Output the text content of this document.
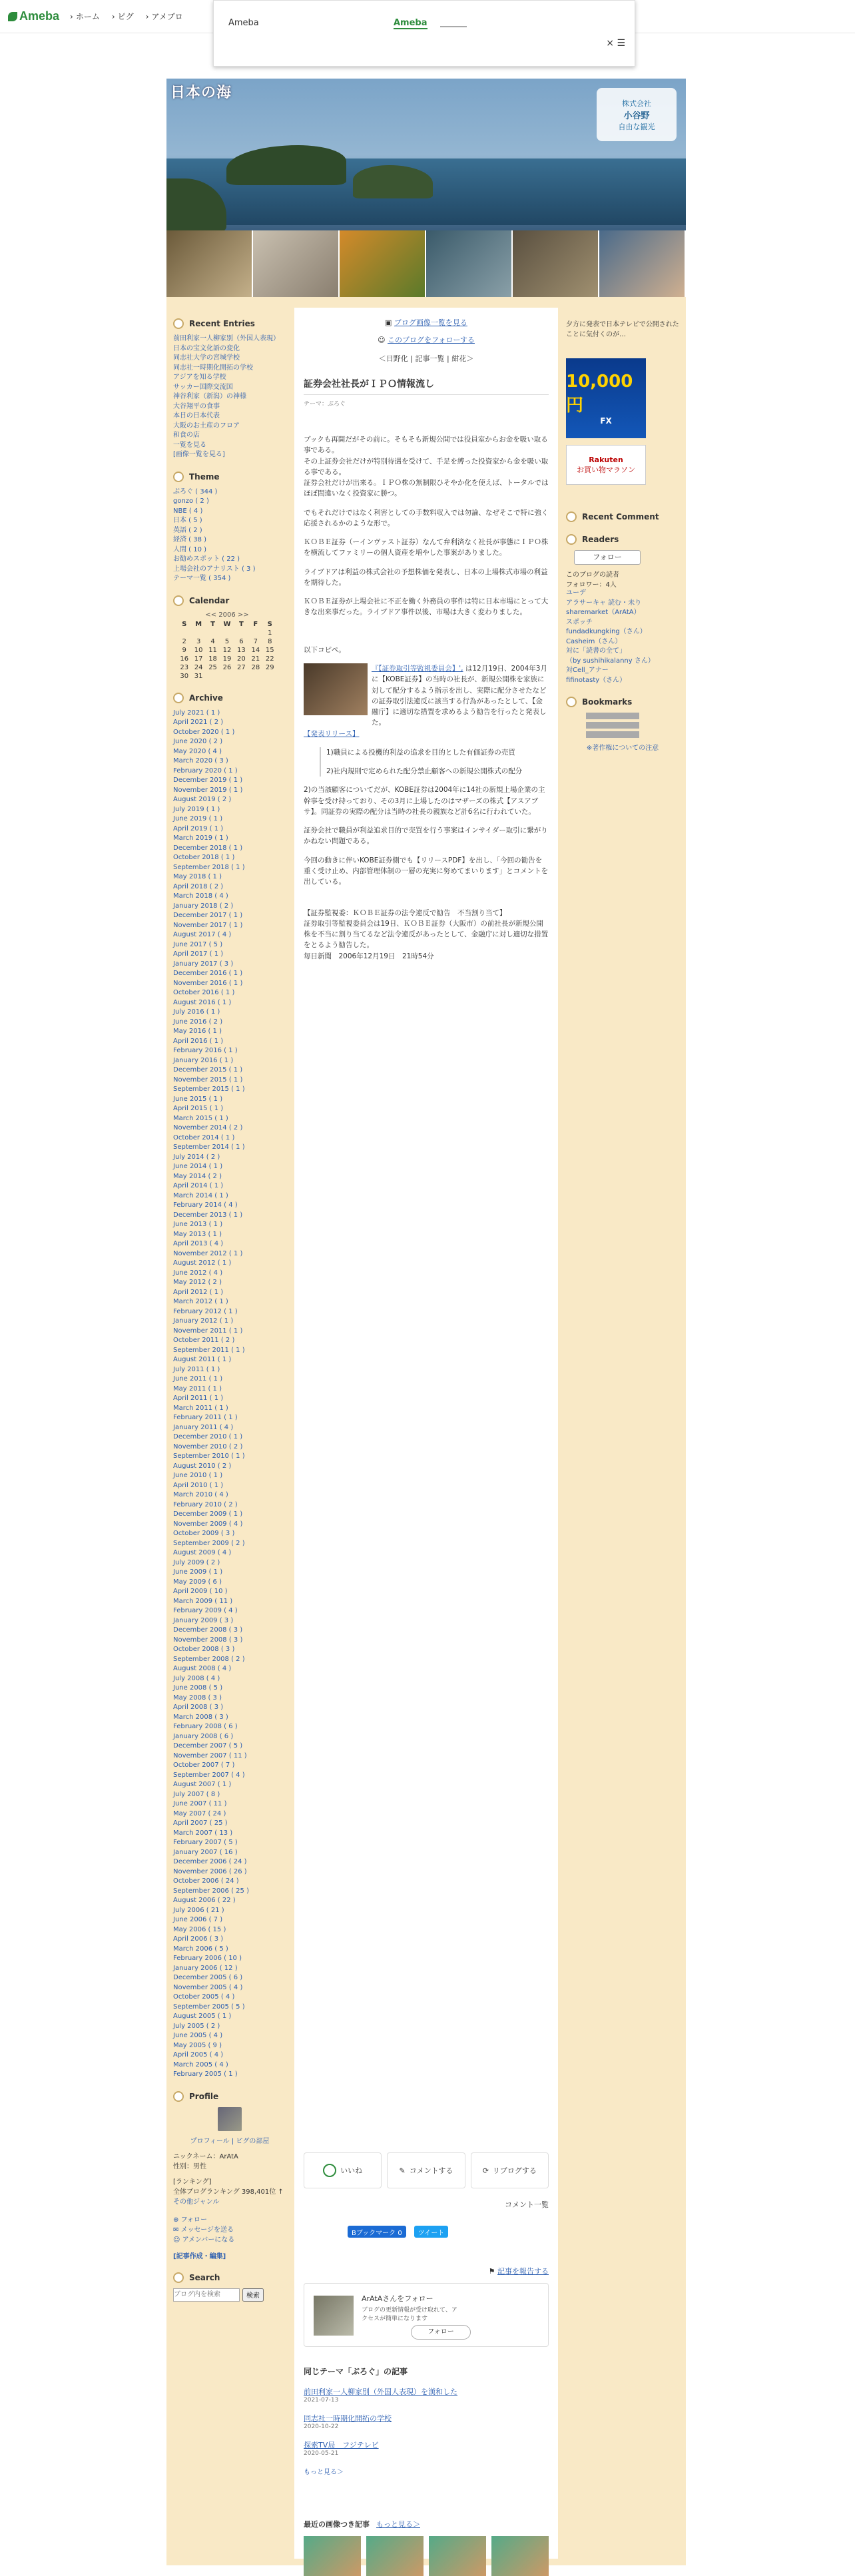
Ameba › ホーム › ピグ › アメブロ
Ameba	Ameba
× ☰
日本の海
株式会社
小谷野
自由な観光
Recent Entries
前田利家一人柳家別（外国人表現）
日本の宝文化語の変化
同志社大学の宮城学校
同志社一時期化開拓の学校
アジアを知る学校
サッカー国際交流国
神谷利家（新潟）の神様
大谷翔平の食事
本日の日本代表
大阪のお土産のフロア
和食の店
一覧を見る
[画像一覧を見る]
Theme
ぶろぐ ( 344 )
gonzo ( 2 )
NBE ( 4 )
日本 ( 5 )
英語 ( 2 )
経済 ( 38 )
人間 ( 10 )
お勧めスポット ( 22 )
上場会社のアナリスト ( 3 )
テーマ一覧 ( 354 )
Calendar
<< 2006 >>
S	M	T	W	T	F	S
						1
2	3	4	5	6	7	8
9	10	11	12	13	14	15
16	17	18	19	20	21	22
23	24	25	26	27	28	29
30	31					
Archive
July 2021 ( 1 )
April 2021 ( 2 )
October 2020 ( 1 )
June 2020 ( 2 )
May 2020 ( 4 )
March 2020 ( 3 )
February 2020 ( 1 )
December 2019 ( 1 )
November 2019 ( 1 )
August 2019 ( 2 )
July 2019 ( 1 )
June 2019 ( 1 )
April 2019 ( 1 )
March 2019 ( 1 )
December 2018 ( 1 )
October 2018 ( 1 )
September 2018 ( 1 )
May 2018 ( 1 )
April 2018 ( 2 )
March 2018 ( 4 )
January 2018 ( 2 )
December 2017 ( 1 )
November 2017 ( 1 )
August 2017 ( 4 )
June 2017 ( 5 )
April 2017 ( 1 )
January 2017 ( 3 )
December 2016 ( 1 )
November 2016 ( 1 )
October 2016 ( 1 )
August 2016 ( 1 )
July 2016 ( 1 )
June 2016 ( 2 )
May 2016 ( 1 )
April 2016 ( 1 )
February 2016 ( 1 )
January 2016 ( 1 )
December 2015 ( 1 )
November 2015 ( 1 )
September 2015 ( 1 )
June 2015 ( 1 )
April 2015 ( 1 )
March 2015 ( 1 )
November 2014 ( 2 )
October 2014 ( 1 )
September 2014 ( 1 )
July 2014 ( 2 )
June 2014 ( 1 )
May 2014 ( 2 )
April 2014 ( 1 )
March 2014 ( 1 )
February 2014 ( 4 )
December 2013 ( 1 )
June 2013 ( 1 )
May 2013 ( 1 )
April 2013 ( 4 )
November 2012 ( 1 )
August 2012 ( 1 )
June 2012 ( 4 )
May 2012 ( 2 )
April 2012 ( 1 )
March 2012 ( 1 )
February 2012 ( 1 )
January 2012 ( 1 )
November 2011 ( 1 )
October 2011 ( 2 )
September 2011 ( 1 )
August 2011 ( 1 )
July 2011 ( 1 )
June 2011 ( 1 )
May 2011 ( 1 )
April 2011 ( 1 )
March 2011 ( 1 )
February 2011 ( 1 )
January 2011 ( 4 )
December 2010 ( 1 )
November 2010 ( 2 )
September 2010 ( 1 )
August 2010 ( 2 )
June 2010 ( 1 )
April 2010 ( 1 )
March 2010 ( 4 )
February 2010 ( 2 )
December 2009 ( 1 )
November 2009 ( 4 )
October 2009 ( 3 )
September 2009 ( 2 )
August 2009 ( 4 )
July 2009 ( 2 )
June 2009 ( 1 )
May 2009 ( 6 )
April 2009 ( 10 )
March 2009 ( 11 )
February 2009 ( 4 )
January 2009 ( 3 )
December 2008 ( 3 )
November 2008 ( 3 )
October 2008 ( 3 )
September 2008 ( 2 )
August 2008 ( 4 )
July 2008 ( 4 )
June 2008 ( 5 )
May 2008 ( 3 )
April 2008 ( 3 )
March 2008 ( 3 )
February 2008 ( 6 )
January 2008 ( 6 )
December 2007 ( 5 )
November 2007 ( 11 )
October 2007 ( 7 )
September 2007 ( 4 )
August 2007 ( 1 )
July 2007 ( 8 )
June 2007 ( 11 )
May 2007 ( 24 )
April 2007 ( 25 )
March 2007 ( 13 )
February 2007 ( 5 )
January 2007 ( 16 )
December 2006 ( 24 )
November 2006 ( 26 )
October 2006 ( 24 )
September 2006 ( 25 )
August 2006 ( 22 )
July 2006 ( 21 )
June 2006 ( 7 )
May 2006 ( 15 )
April 2006 ( 3 )
March 2006 ( 5 )
February 2006 ( 10 )
January 2006 ( 12 )
December 2005 ( 6 )
November 2005 ( 4 )
October 2005 ( 4 )
September 2005 ( 5 )
August 2005 ( 1 )
July 2005 ( 2 )
June 2005 ( 4 )
May 2005 ( 9 )
April 2005 ( 4 )
March 2005 ( 4 )
February 2005 ( 1 )
Profile
プロフィール | ピグの部屋
ニックネーム：ArAtA
性別：男性
[ランキング]
全体ブログランキング 398,401位 ↑
その他ジャンル
⊕ フォロー
✉ メッセージを送る
☺ アメンバーになる
[記事作成・編集]
Search
ブログ内を検索
検索
▣ ブログ画像一覧を見る
☺ このブログをフォローする
＜日野化 | 記事一覧 | 紺花＞
証券会社社長がＩＰＯ情報流し
テーマ：ぶろぐ

ブックも再開だがその前に。そもそも新規公開では役員室からお金を吸い取る事である。
その上証券会社だけが特別待遇を受けて、手足を縛った投資家から金を吸い取る事である。
証券会社だけが出来る。ＩＰＯ株の無制限ひそやか化を使えば、トータルではほぼ間違いなく投資家に勝つ。

でもそれだけではなく利害としての手数料収入では勿論、なぜそこで特に強く応援されるかのような形で。

ＫＯＢＥ証券（ーインヴァスト証券）なんて弁利済なく社長が事態にＩＰＯ株を横流してファミリーの個人資産を増やした事案がありました。

ライブドアは利益の株式会社の予想株価を発表し、日本の上場株式市場の利益を期待した。

ＫＯＢＥ証券が上場会社に不正を働く外務員の事件は特に日本市場にとって大きな出来事だった。ライブドア事件以後、市場は大きく変わりました。

以下コピペ。

『【証券取引等監視委員会】', は12月19日、2004年3月に【KOBE証券】の当時の社長が、新規公開株を家族に対して配分するよう指示を出し、実際に配分させたなどの証券取引法違反に該当する行為があったとして、【金融庁】に適切な措置を求めるよう勧告を行ったと発表した。

【発表リリース】

1)職員による投機的利益の追求を目的とした有価証券の売買

2)社内規則で定められた配分禁止顧客への新規公開株式の配分

2)の当該顧客についてだが、KOBE証券は2004年に14社の新規上場企業の主幹事を受け持っており、その3月に上場したのはマザーズの株式【アスアブサ】。同証券の実際の配分は当時の社長の親族など計6名に行われていた。

証券会社で職員が利益追求目的で売買を行う事案はインサイダー取引に繋がりかねない問題である。

今回の動きに伴いKOBE証券側でも【リリースPDF】を出し、「今回の勧告を重く受け止め、内部管理体制の一層の充実に努めてまいります」とコメントを出している。

【証券監視委：ＫＯＢＥ証券の法令違反で勧告　不当割り当て】
証券取引等監視委員会は19日、ＫＯＢＥ証券（大阪市）の前社長が新規公開株を不当に割り当てるなど法令違反があったとして、金融庁に対し適切な措置をとるよう勧告した。
毎日新聞　2006年12月19日　21時54分

いいね	✎ コメントする	⟳ リブログする
コメント一覧
Bブックマーク 0	ツイート
⚑ 記事を報告する
ArAtAさんをフォロー
ブログの更新情報が受け取れて、アクセスが簡単になります
フォロー
同じテーマ「ぶろぐ」の記事
前田利家一人柳家別（外国人表現）を漢和した
2021-07-13
同志社一時期化開拓の学校
2020-10-22
探索TV局　フジテレビ
2020-05-21
もっと見る＞
最近の画像つき記事 もっと見る＞
夕方に発表で日本テレビで公開されたことに気付くのが…
10,000円
FX
Rakuten
お買い物マラソン
Recent Comment
Readers
フォロー
このブログの読者
フォロワー：4人
ユーデ
アラサーキャ 読む・未り
sharemarket（ArAtA）
スポッチ
fundadkungking（さん）
Casheim（さん）
対に「読書の全て」
（by sushihikalanny さん）
対Cell_アナー
fifinotasty（さん）
Bookmarks
※著作権についての注意
